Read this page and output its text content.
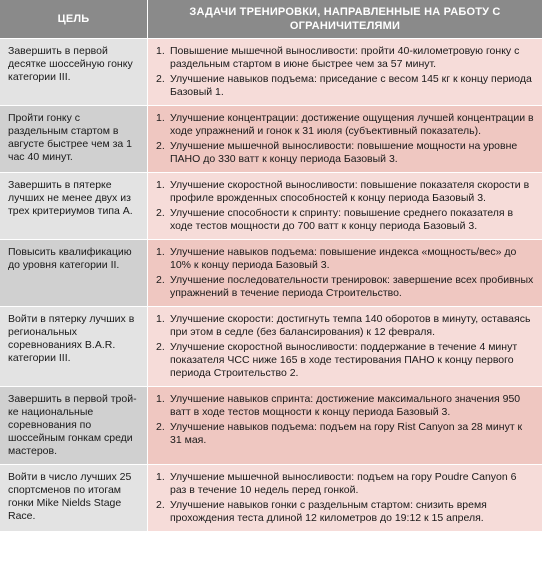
ЦЕЛЬ
ЗАДАЧИ ТРЕНИРОВКИ, НАПРАВЛЕННЫЕ НА РАБОТУ С ОГРАНИЧИТЕЛЯМИ
Завершить в первой десятке шоссейную гонку категории III.
1. Повышение мышечной выносливости: пройти 40-километровую гонку с раздельным стартом в июне быстрее чем за 57 минут.
2. Улучшение навыков подъема: приседание с весом 145 кг к концу периода Базовый 1.
Пройти гонку с раздельным стартом в августе быстрее чем за 1 час 40 минут.
1. Улучшение концентрации: достижение ощущения лучшей концентрации в ходе упражнений и гонок к 31 июля (субъективный показатель).
2. Улучшение мышечной выносливости: повышение мощности на уровне ПАНО до 330 ватт к концу периода Базовый 3.
Завершить в пятерке лучших не менее двух из трех критериумов типа А.
1. Улучшение скоростной выносливости: повышение показателя скорости в профиле врожденных способностей к концу периода Базовый 3.
2. Улучшение способности к спринту: повышение среднего показателя в ходе тестов мощности до 700 ватт к концу периода Базовый 3.
Повысить квалификацию до уровня категории II.
1. Улучшение навыков подъема: повышение индекса «мощность/вес» до 10% к концу периода Базовый 3.
2. Улучшение последовательности тренировок: завершение всех пробивных упражнений в течение периода Строительство.
Войти в пятерку лучших в региональных соревнованиях B.A.R. категории III.
1. Улучшение скорости: достигнуть темпа 140 оборотов в минуту, оставаясь при этом в седле (без балансирования) к 12 февраля.
2. Улучшение скоростной выносливости: поддержание в течение 4 минут показателя ЧСС ниже 165 в ходе тестирования ПАНО к концу первого периода Строительство 2.
Завершить в первой трой-ке национальные соревнования по шоссейным гонкам среди мастеров.
1. Улучшение навыков спринта: достижение максимального значения 950 ватт в ходе тестов мощности к концу периода Базовый 3.
2. Улучшение навыков подъема: подъем на гору Rist Canyon за 28 минут к 31 мая.
Войти в число лучших 25 спортсменов по итогам гонки Mike Nields Stage Race.
1. Улучшение мышечной выносливости: подъем на гору Poudre Canyon 6 раз в течение 10 недель перед гонкой.
2. Улучшение навыков гонки с раздельным стартом: снизить время прохождения теста длиной 12 километров до 19:12 к 15 апреля.
